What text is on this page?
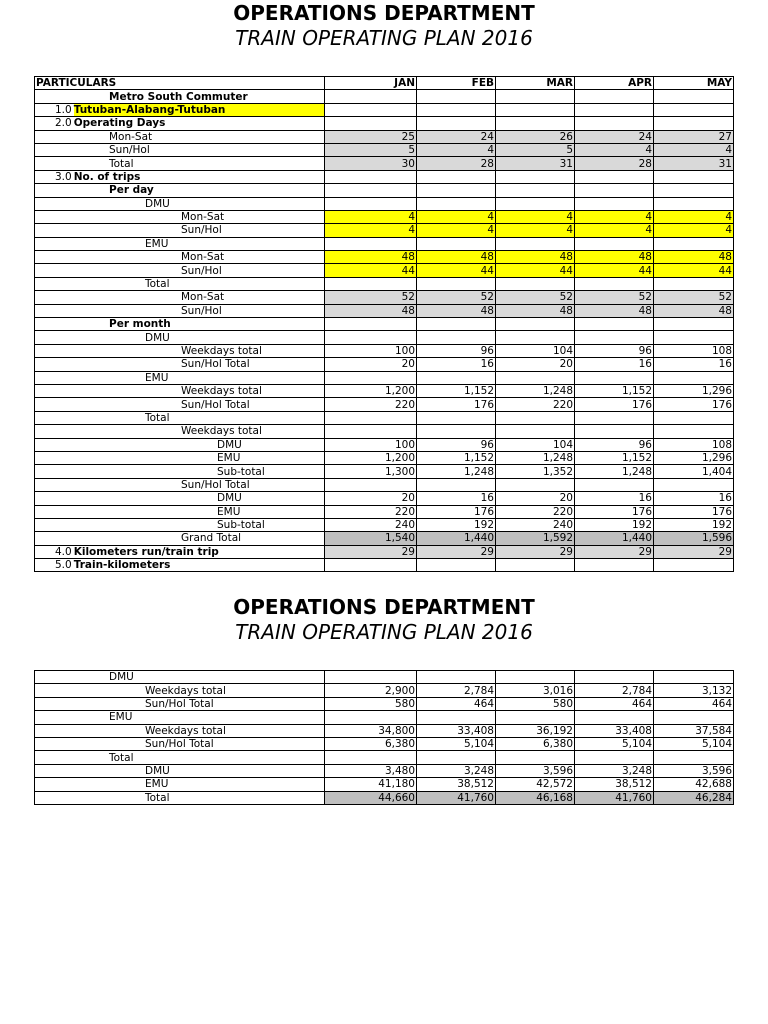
OPERATIONS DEPARTMENT
TRAIN OPERATING PLAN 2016
PARTICULARS	JAN	FEB	MAR	APR	MAY
Metro South Commuter					
1.0 Tutuban-Alabang-Tutuban					
2.0 Operating Days					
Mon-Sat	25	24	26	24	27
Sun/Hol	5	4	5	4	4
Total	30	28	31	28	31
3.0 No. of trips					
Per day					
DMU					
Mon-Sat	4	4	4	4	4
Sun/Hol	4	4	4	4	4
EMU					
Mon-Sat	48	48	48	48	48
Sun/Hol	44	44	44	44	44
Total					
Mon-Sat	52	52	52	52	52
Sun/Hol	48	48	48	48	48
Per month					
DMU					
Weekdays total	100	96	104	96	108
Sun/Hol Total	20	16	20	16	16
EMU					
Weekdays total	1,200	1,152	1,248	1,152	1,296
Sun/Hol Total	220	176	220	176	176
Total					
Weekdays total					
DMU	100	96	104	96	108
EMU	1,200	1,152	1,248	1,152	1,296
Sub-total	1,300	1,248	1,352	1,248	1,404
Sun/Hol Total					
DMU	20	16	20	16	16
EMU	220	176	220	176	176
Sub-total	240	192	240	192	192
Grand Total	1,540	1,440	1,592	1,440	1,596
4.0 Kilometers run/train trip	29	29	29	29	29
5.0 Train-kilometers					
OPERATIONS DEPARTMENT
TRAIN OPERATING PLAN 2016
DMU					
Weekdays total	2,900	2,784	3,016	2,784	3,132
Sun/Hol Total	580	464	580	464	464
EMU					
Weekdays total	34,800	33,408	36,192	33,408	37,584
Sun/Hol Total	6,380	5,104	6,380	5,104	5,104
Total					
DMU	3,480	3,248	3,596	3,248	3,596
EMU	41,180	38,512	42,572	38,512	42,688
Total	44,660	41,760	46,168	41,760	46,284
